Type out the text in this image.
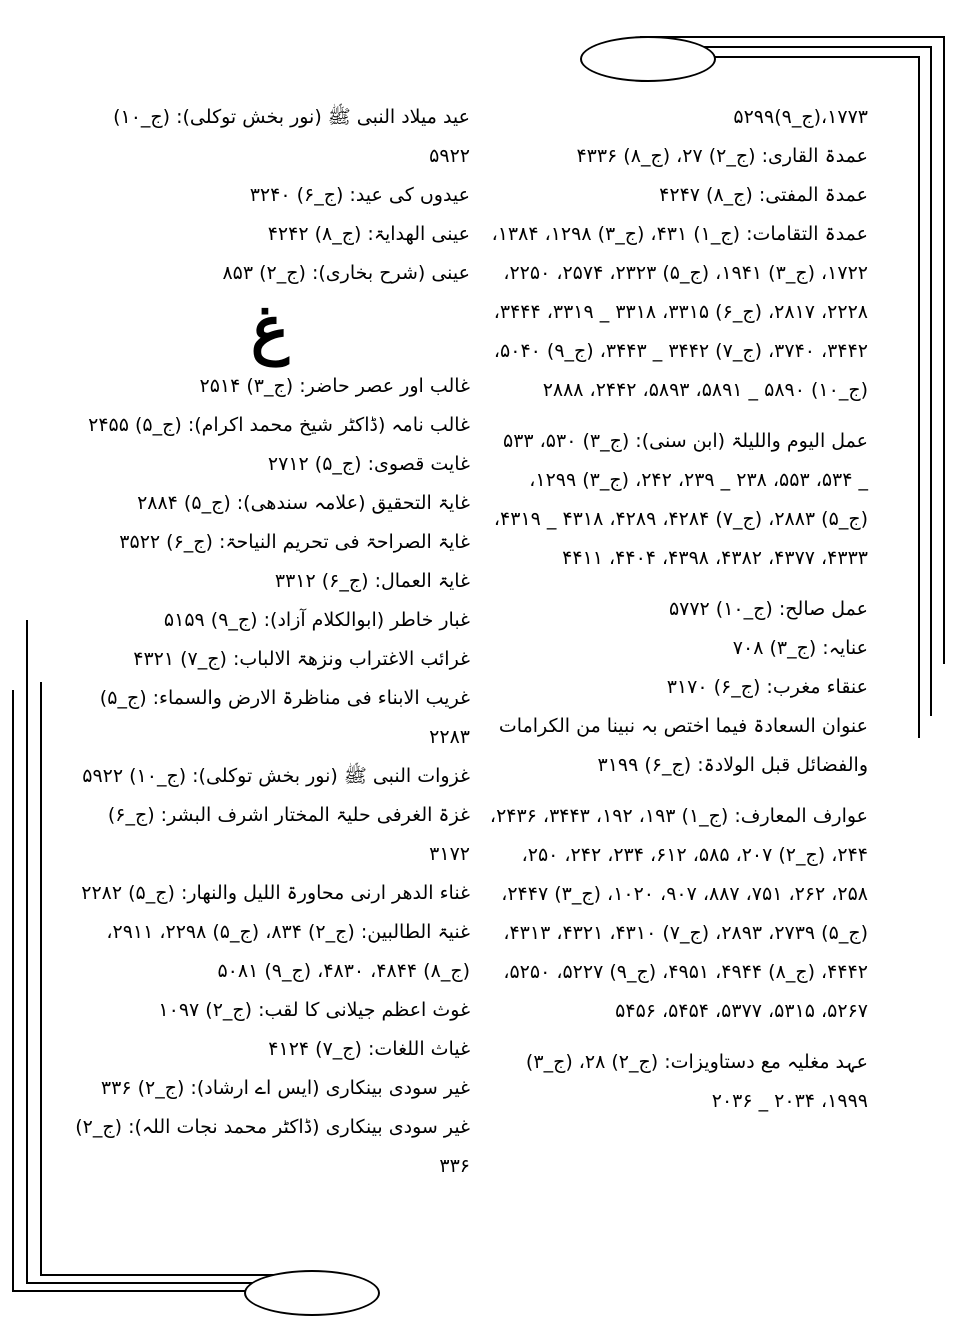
۱۷۷۳،(ج_۹)۵۲۹۹

عمدۃ القاری: (ج_۲) ۲۷، (ج_۸) ۴۳۳۶

عمدۃ المفتی: (ج_۸) ۴۲۴۷

عمدۃ التقامات: (ج_۱) ۴۳۱، (ج_۳) ۱۲۹۸، ۱۳۸۴، ۱۷۲۲، (ج_۳) ۱۹۴۱، (ج_۵) ۲۳۲۳، ۲۵۷۴، ۲۲۵۰، ۲۲۲۸، ۲۸۱۷، (ج_۶) ۳۳۱۵، ۳۳۱۸ _ ۳۳۱۹، ۳۴۴۴، ۳۴۴۲، ۳۷۴۰، (ج_۷) ۳۴۴۲ _ ۳۴۴۳، (ج_۹) ۵۰۴۰، (ج_۱۰) ۵۸۹۰ _ ۵۸۹۱، ۵۸۹۳، ۲۴۴۲، ۲۸۸۸

عمل الیوم واللیلۃ (ابن سنی): (ج_۳) ۵۳۰، ۵۳۳ _ ۵۳۴، ۵۵۳، ۲۳۸ _ ۲۳۹، ۲۴۲، (ج_۳) ۱۲۹۹، (ج_۵) ۲۸۸۳، (ج_۷) ۴۲۸۴، ۴۲۸۹، ۴۳۱۸ _ ۴۳۱۹، ۴۳۳۳، ۴۳۷۷، ۴۳۸۲، ۴۳۹۸، ۴۴۰۴، ۴۴۱۱

عمل صالح: (ج_۱۰) ۵۷۷۲

عنایہ: (ج_۳) ۷۰۸

عنقاء مغرب: (ج_۶) ۳۱۷۰

عنوان السعادۃ فیما اختص بہ نبینا من الکرامات والفضائل قبل الولادۃ: (ج_۶) ۳۱۹۹

عوارف المعارف: (ج_۱) ۱۹۳، ۱۹۲، ۳۴۴۳، ۲۴۳۶، ۲۴۴، (ج_۲) ۲۰۷، ۵۸۵، ۶۱۲، ۲۳۴، ۲۴۲، ۲۵۰، ۲۵۸، ۲۶۲، ۷۵۱، ۸۸۷، ۹۰۷، ۱۰۲۰، (ج_۳) ۲۴۴۷، (ج_۵) ۲۷۳۹، ۲۸۹۳، (ج_۷) ۴۳۱۰، ۴۳۲۱، ۴۳۱۳، ۴۴۴۲، (ج_۸) ۴۹۴۴، ۴۹۵۱، (ج_۹) ۵۲۲۷، ۵۲۵۰، ۵۲۶۷، ۵۳۱۵، ۵۳۷۷، ۵۴۵۴، ۵۴۵۶

عہد مغلیہ مع دستاویزات: (ج_۲) ۲۸، (ج_۳) ۱۹۹۹، ۲۰۳۴ _ ۲۰۳۶

عید میلاد النبی ﷺ (نور بخش توکلی): (ج_۱۰) ۵۹۲۲

عیدوں کی عید: (ج_۶) ۳۲۴۰

عینی الھدایۃ: (ج_۸) ۴۲۴۲

عینی (شرح بخاری): (ج_۲) ۸۵۳

غ

غالب اور عصر حاضر: (ج_۳) ۲۵۱۴

غالب نامہ (ڈاکٹر شیخ محمد اکرام): (ج_۵) ۲۴۵۵

غایت قصوی: (ج_۵) ۲۷۱۲

غایۃ التحقیق (علامہ سندھی): (ج_۵) ۲۸۸۴

غایۃ الصراحۃ فی تحریم النیاحۃ: (ج_۶) ۳۵۲۲

غایۃ العمال: (ج_۶) ۳۳۱۲

غبار خاطر (ابوالکلام آزاد): (ج_۹) ۵۱۵۹

غرائب الاغتراب ونزھۃ الالباب: (ج_۷) ۴۳۲۱

غریب الابناء فی مناظرۃ الارض والسماء: (ج_۵) ۲۲۸۳

غزوات النبی ﷺ (نور بخش توکلی): (ج_۱۰) ۵۹۲۲

غزۃ الغرفی حلیۃ المختار اشرف البشر: (ج_۶) ۳۱۷۲

غناء الدھر ارنی محاورۃ اللیل والنھار: (ج_۵) ۲۲۸۲

غنیۃ الطالبین: (ج_۲) ۸۳۴، (ج_۵) ۲۲۹۸، ۲۹۱۱، (ج_۸) ۴۸۴۴، ۴۸۳۰، (ج_۹) ۵۰۸۱

غوث اعظم جیلانی کا لقب: (ج_۲) ۱۰۹۷

غیاث اللغات: (ج_۷) ۴۱۲۴

غیر سودی بینکاری (ایس اے ارشاد): (ج_۲) ۳۳۶

غیر سودی بینکاری (ڈاکٹر محمد نجات اللہ): (ج_۲) ۳۳۶
